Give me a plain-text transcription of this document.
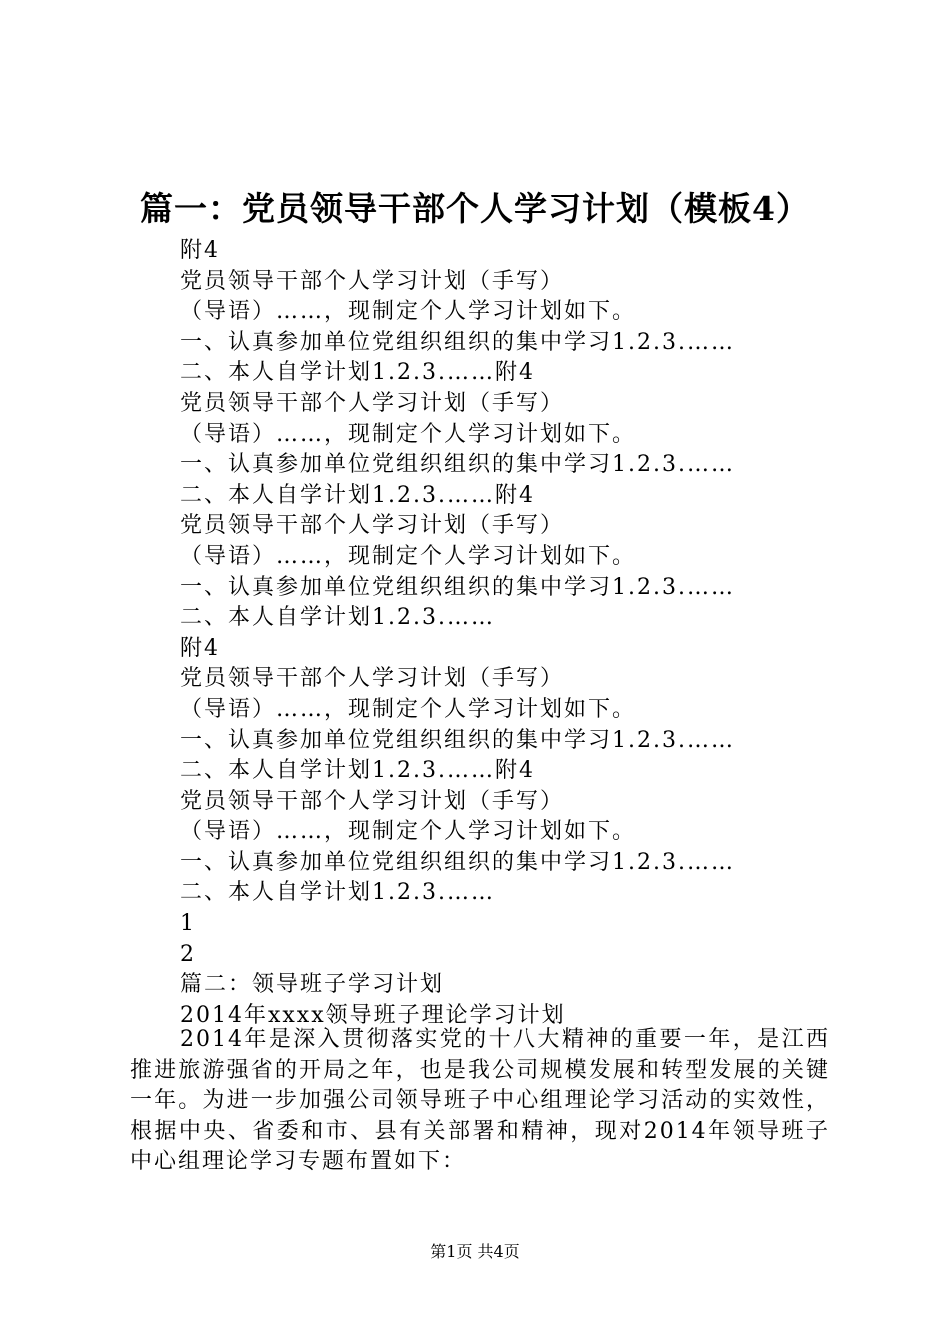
篇一：党员领导干部个人学习计划（模板4）
附4
党员领导干部个人学习计划（手写）
（导语）……，现制定个人学习计划如下。
一、认真参加单位党组织组织的集中学习1.2.3.……
二、本人自学计划1.2.3.……附4
党员领导干部个人学习计划（手写）
（导语）……，现制定个人学习计划如下。
一、认真参加单位党组织组织的集中学习1.2.3.……
二、本人自学计划1.2.3.……附4
党员领导干部个人学习计划（手写）
（导语）……，现制定个人学习计划如下。
一、认真参加单位党组织组织的集中学习1.2.3.……
二、本人自学计划1.2.3.……
附4
党员领导干部个人学习计划（手写）
（导语）……，现制定个人学习计划如下。
一、认真参加单位党组织组织的集中学习1.2.3.……
二、本人自学计划1.2.3.……附4
党员领导干部个人学习计划（手写）
（导语）……，现制定个人学习计划如下。
一、认真参加单位党组织组织的集中学习1.2.3.……
二、本人自学计划1.2.3.……
1
2
篇二：领导班子学习计划
2014年xxxx领导班子理论学习计划
2014年是深入贯彻落实党的十八大精神的重要一年，是江西推进旅游强省的开局之年，也是我公司规模发展和转型发展的关键一年。为进一步加强公司领导班子中心组理论学习活动的实效性，根据中央、省委和市、县有关部署和精神，现对2014年领导班子中心组理论学习专题布置如下：
第1页 共4页
